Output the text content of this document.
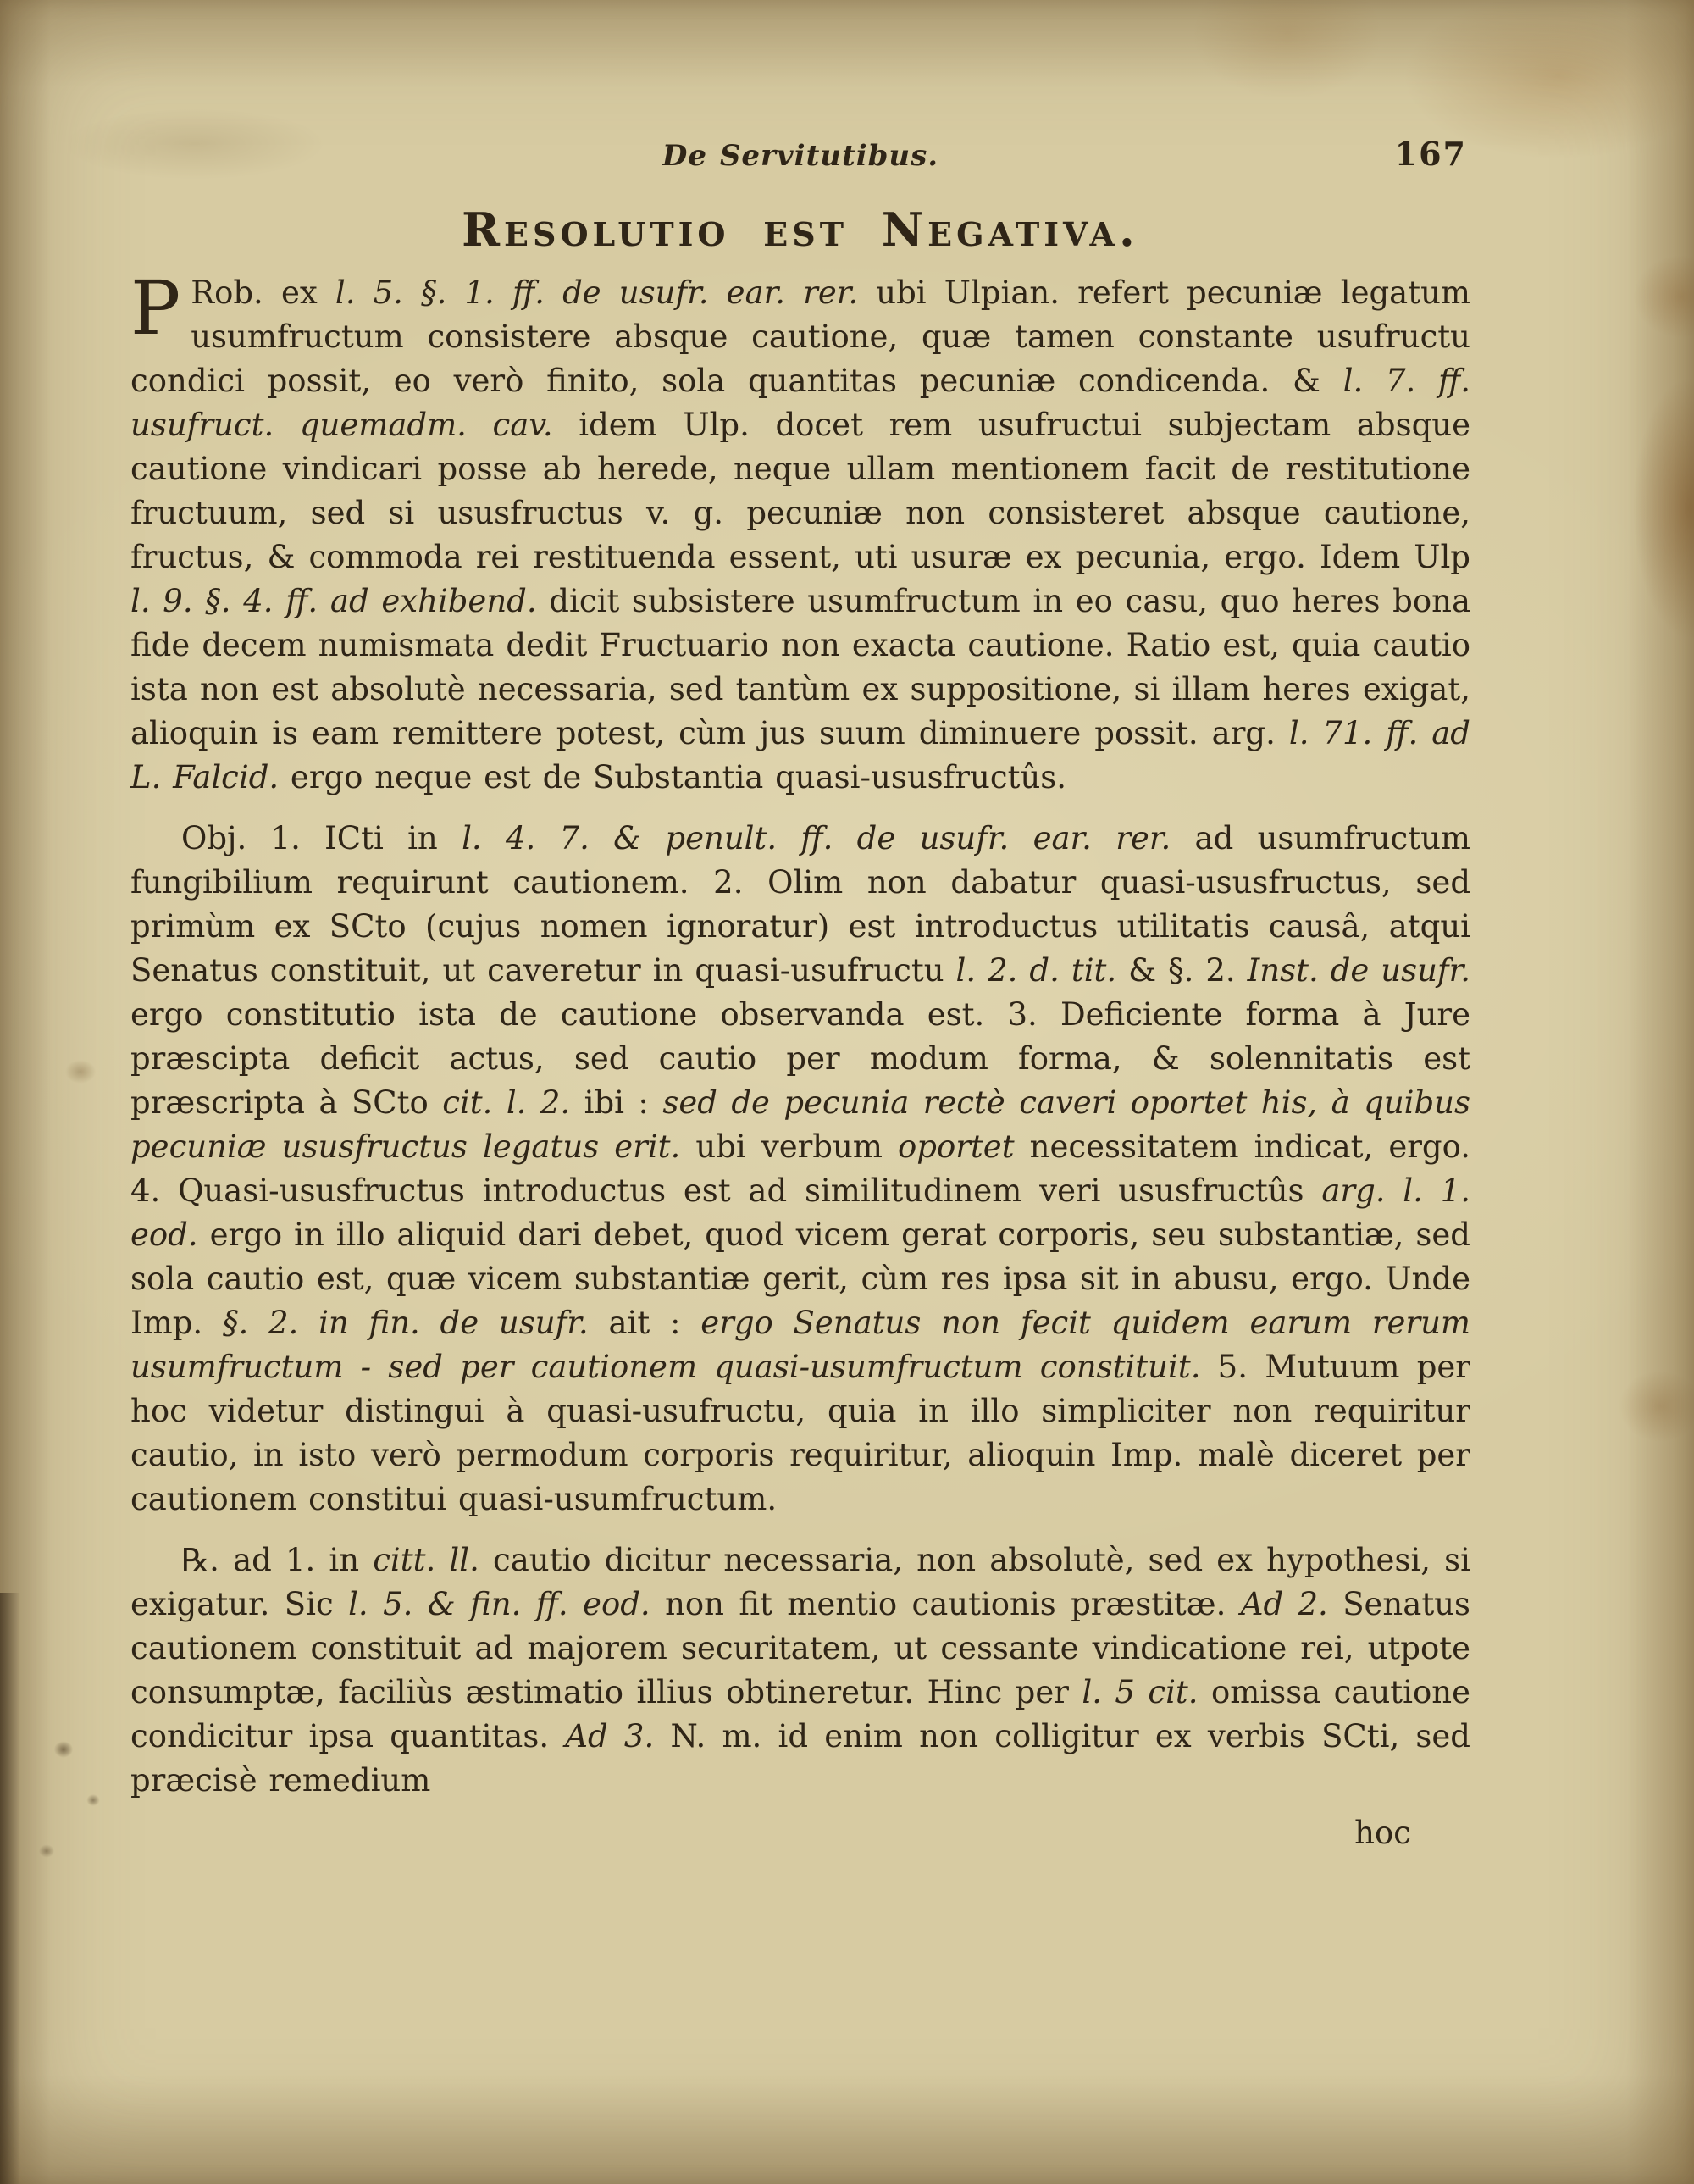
De Servitutibus.	167
Resolutio est Negativa.

P Rob. ex l. 5. §. 1. ff. de usufr. ear. rer. ubi Ulpian. refert pecuniæ legatum usumfructum consistere absque cautione, quæ tamen constante usufructu condici possit, eo verò finito, sola quantitas pecuniæ condicenda. & l. 7. ff. usufruct. quemadm. cav. idem Ulp. docet rem usufructui subjectam absque cautione vindicari posse ab herede, neque ullam mentionem facit de restitutione fructuum, sed si ususfructus v. g. pecuniæ non consisteret absque cautione, fructus, & commoda rei restituenda essent, uti usuræ ex pecunia, ergo. Idem Ulp l. 9. §. 4. ff. ad exhibend. dicit subsistere usumfructum in eo casu, quo heres bona fide decem numismata dedit Fructuario non exacta cautione. Ratio est, quia cautio ista non est absolutè necessaria, sed tantùm ex suppositione, si illam heres exigat, alioquin is eam remittere potest, cùm jus suum diminuere possit. arg. l. 71. ff. ad L. Falcid. ergo neque est de Substantia quasi-ususfructûs.

Obj. 1. ICti in l. 4. 7. & penult. ff. de usufr. ear. rer. ad usumfructum fungibilium requirunt cautionem. 2. Olim non dabatur quasi-ususfructus, sed primùm ex SCto (cujus nomen ignoratur) est introductus utilitatis causâ, atqui Senatus constituit, ut caveretur in quasi-usufructu l. 2. d. tit. & §. 2. Inst. de usufr. ergo constitutio ista de cautione observanda est. 3. Deficiente forma à Jure præscipta deficit actus, sed cautio per modum forma, & solennitatis est præscripta à SCto cit. l. 2. ibi : sed de pecunia rectè caveri oportet his, à quibus pecuniæ ususfructus legatus erit. ubi verbum oportet necessitatem indicat, ergo. 4. Quasi-ususfructus introductus est ad similitudinem veri ususfructûs arg. l. 1. eod. ergo in illo aliquid dari debet, quod vicem gerat corporis, seu substantiæ, sed sola cautio est, quæ vicem substantiæ gerit, cùm res ipsa sit in abusu, ergo. Unde Imp. §. 2. in fin. de usufr. ait : ergo Senatus non fecit quidem earum rerum usumfructum - sed per cautionem quasi-usumfructum constituit. 5. Mutuum per hoc videtur distingui à quasi-usufructu, quia in illo simpliciter non requiritur cautio, in isto verò permodum corporis requiritur, alioquin Imp. malè diceret per cautionem constitui quasi-usumfructum.

℞. ad 1. in citt. ll. cautio dicitur necessaria, non absolutè, sed ex hypothesi, si exigatur. Sic l. 5. & fin. ff. eod. non fit mentio cautionis præstitæ. Ad 2. Senatus cautionem constituit ad majorem securitatem, ut cessante vindicatione rei, utpote consumptæ, faciliùs æstimatio illius obtineretur. Hinc per l. 5 cit. omissa cautione condicitur ipsa quantitas. Ad 3. N. m. id enim non colligitur ex verbis SCti, sed præcisè remedium

hoc
